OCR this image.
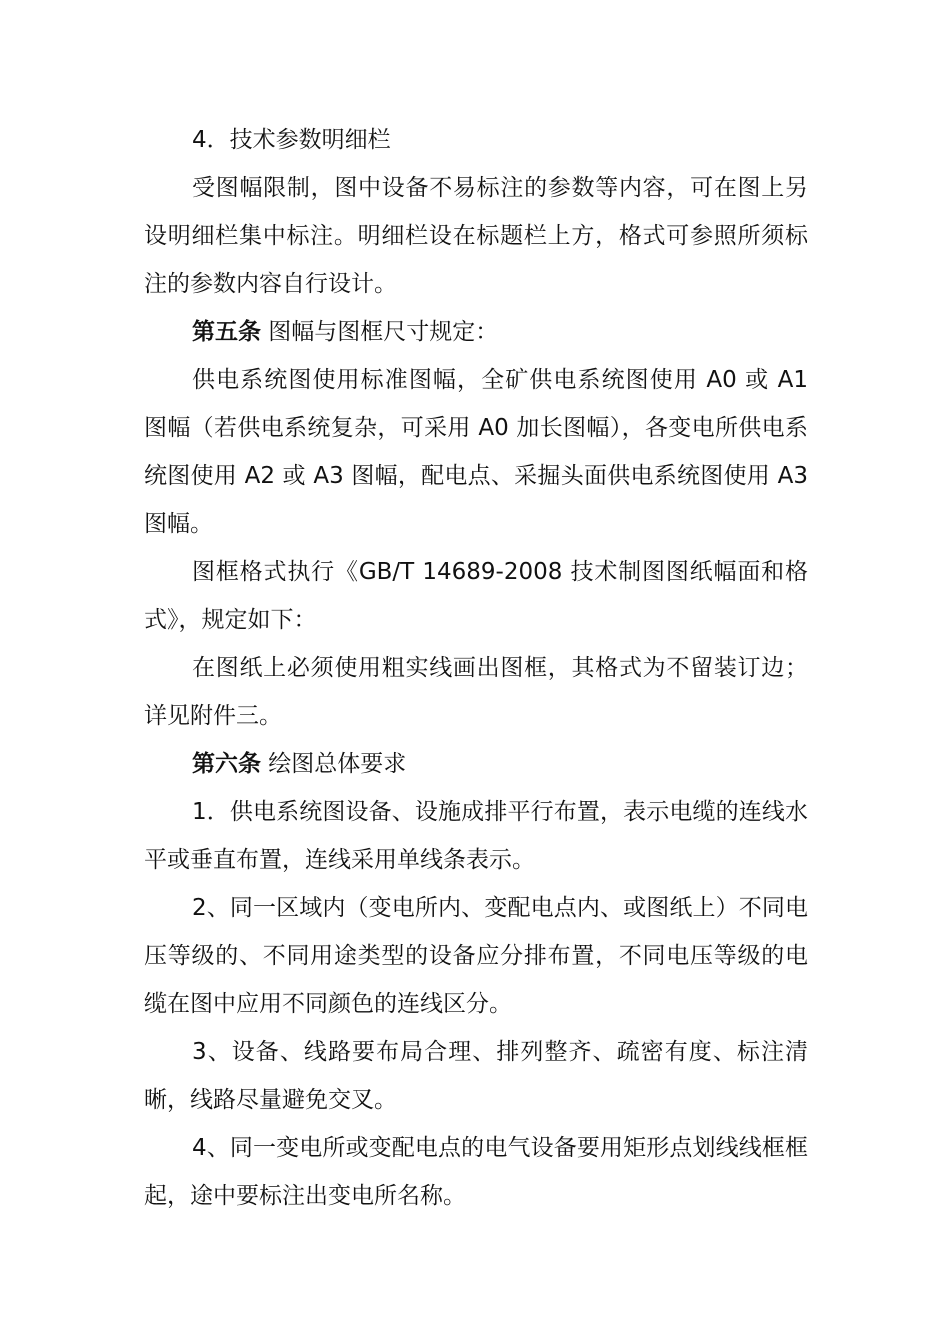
4．技术参数明细栏

受图幅限制，图中设备不易标注的参数等内容，可在图上另设明细栏集中标注。明细栏设在标题栏上方，格式可参照所须标注的参数内容自行设计。

第五条 图幅与图框尺寸规定：

供电系统图使用标准图幅，全矿供电系统图使用 A0 或 A1 图幅（若供电系统复杂，可采用 A0 加长图幅），各变电所供电系统图使用 A2 或 A3 图幅，配电点、采掘头面供电系统图使用 A3 图幅。

图框格式执行《GB/T 14689-2008 技术制图图纸幅面和格式》，规定如下：

在图纸上必须使用粗实线画出图框，其格式为不留装订边；详见附件三。

第六条 绘图总体要求

1．供电系统图设备、设施成排平行布置，表示电缆的连线水平或垂直布置，连线采用单线条表示。

2、同一区域内（变电所内、变配电点内、或图纸上）不同电压等级的、不同用途类型的设备应分排布置，不同电压等级的电缆在图中应用不同颜色的连线区分。

3、设备、线路要布局合理、排列整齐、疏密有度、标注清晰，线路尽量避免交叉。

4、同一变电所或变配电点的电气设备要用矩形点划线线框框起，途中要标注出变电所名称。
